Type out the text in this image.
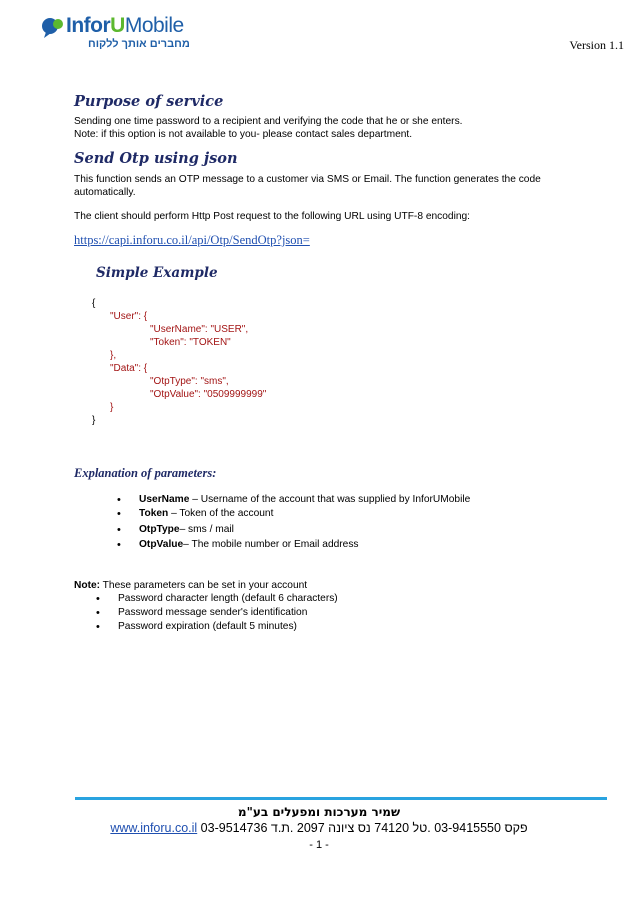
InforUMobile
מחברים אותך ללקוח	Version 1.1
Purpose of service
Sending one time password to a recipient and verifying the code that he or she enters.
Note: if this option is not available to you- please contact sales department.
Send Otp using json
This function sends an OTP message to a customer via SMS or Email. The function generates the code
automatically.
The client should perform Http Post request to the following URL using UTF-8 encoding:
https://capi.inforu.co.il/api/Otp/SendOtp?json=
Simple Example
{
"User": {
"UserName": "USER",
"Token": "TOKEN"
},
"Data": {
"OtpType": "sms",
"OtpValue": "0509999999"
}
}
Explanation of parameters:
• UserName – Username of the account that was supplied by InforUMobile
• Token – Token of the account
• OtpType– sms / mail
• OtpValue– The mobile number or Email address
Note: These parameters can be set in your account
• Password character length (default 6 characters)
• Password message sender's identification
• Password expiration (default 5 minutes)
שמיר מערכות ומפעלים בע"מ
www.inforu.co.il 03-9514736 פקס 03-9415550 .טל 74120 נס ציונה 2097 .ת.ד
- 1 -
